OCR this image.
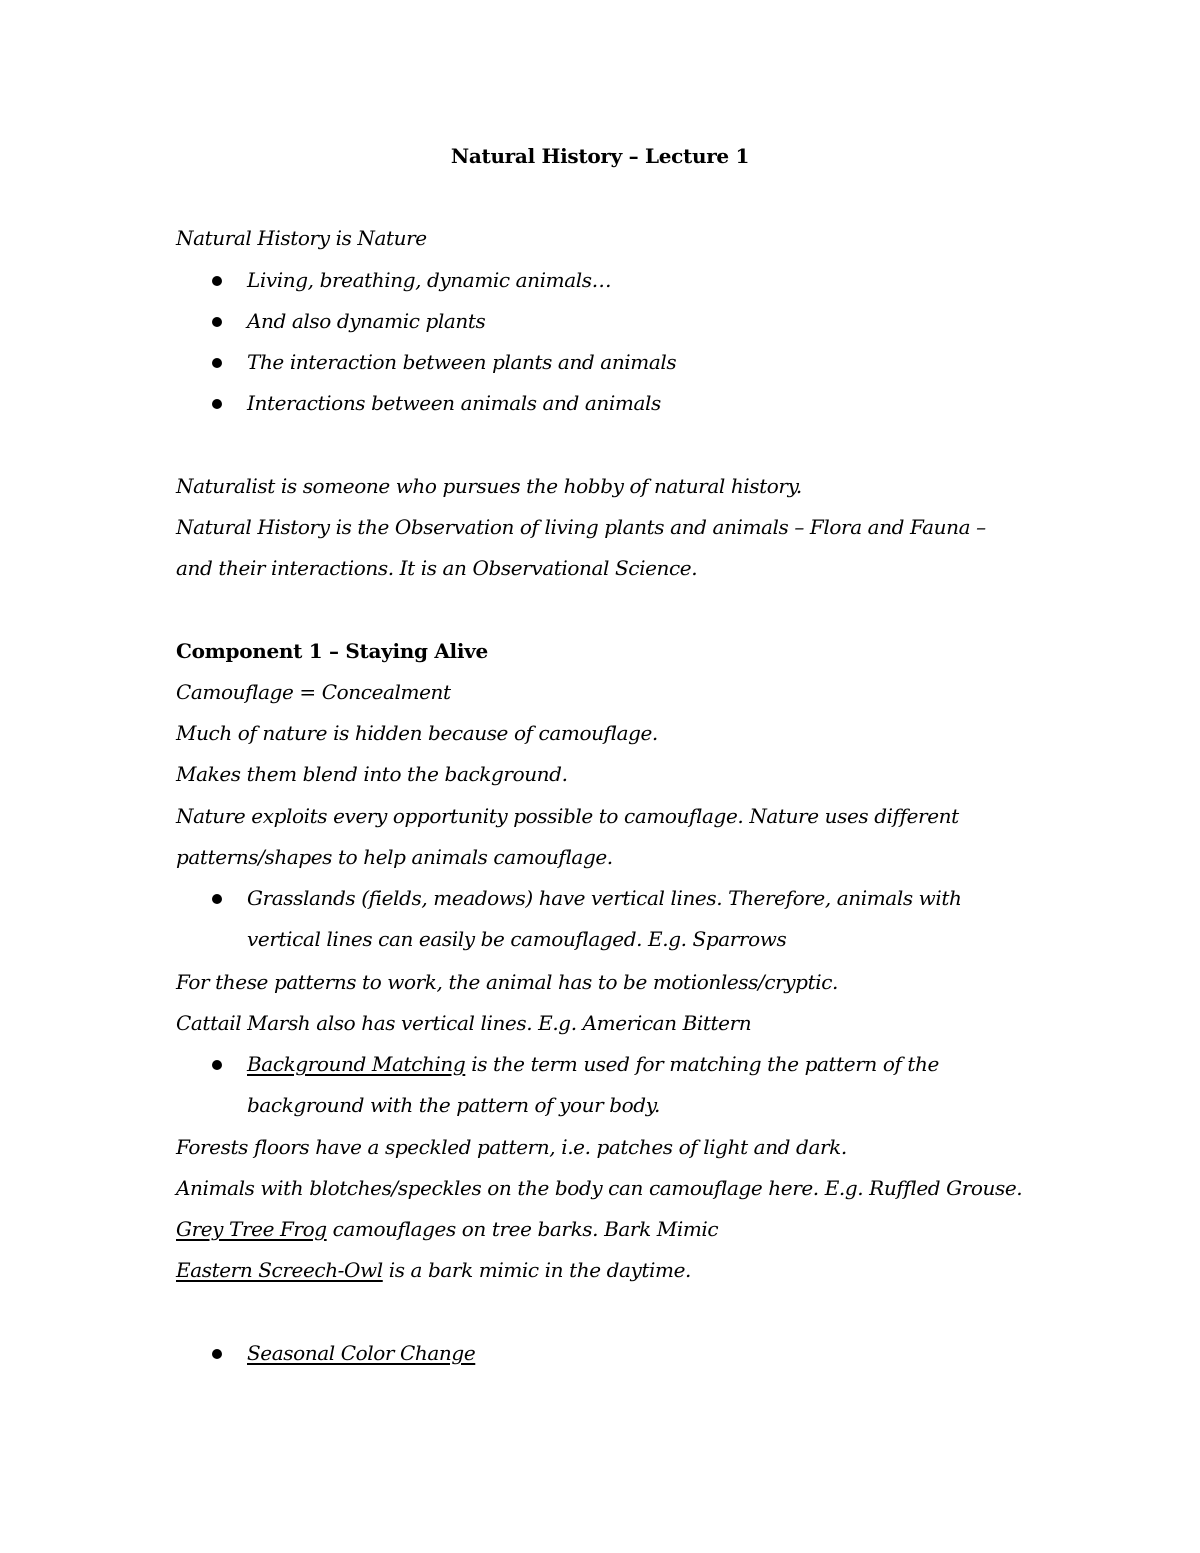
Natural History – Lecture 1
Natural History is Nature
Living, breathing, dynamic animals…
And also dynamic plants
The interaction between plants and animals
Interactions between animals and animals
Naturalist is someone who pursues the hobby of natural history.
Natural History is the Observation of living plants and animals – Flora and Fauna –
and their interactions. It is an Observational Science.
Component 1 – Staying Alive
Camouflage = Concealment
Much of nature is hidden because of camouflage.
Makes them blend into the background.
Nature exploits every opportunity possible to camouflage. Nature uses different
patterns/shapes to help animals camouflage.
Grasslands (fields, meadows) have vertical lines. Therefore, animals with
vertical lines can easily be camouflaged. E.g. Sparrows
For these patterns to work, the animal has to be motionless/cryptic.
Cattail Marsh also has vertical lines. E.g. American Bittern
Background Matching is the term used for matching the pattern of the
background with the pattern of your body.
Forests floors have a speckled pattern, i.e. patches of light and dark.
Animals with blotches/speckles on the body can camouflage here. E.g. Ruffled Grouse.
Grey Tree Frog camouflages on tree barks. Bark Mimic
Eastern Screech-Owl is a bark mimic in the daytime.
Seasonal Color Change
